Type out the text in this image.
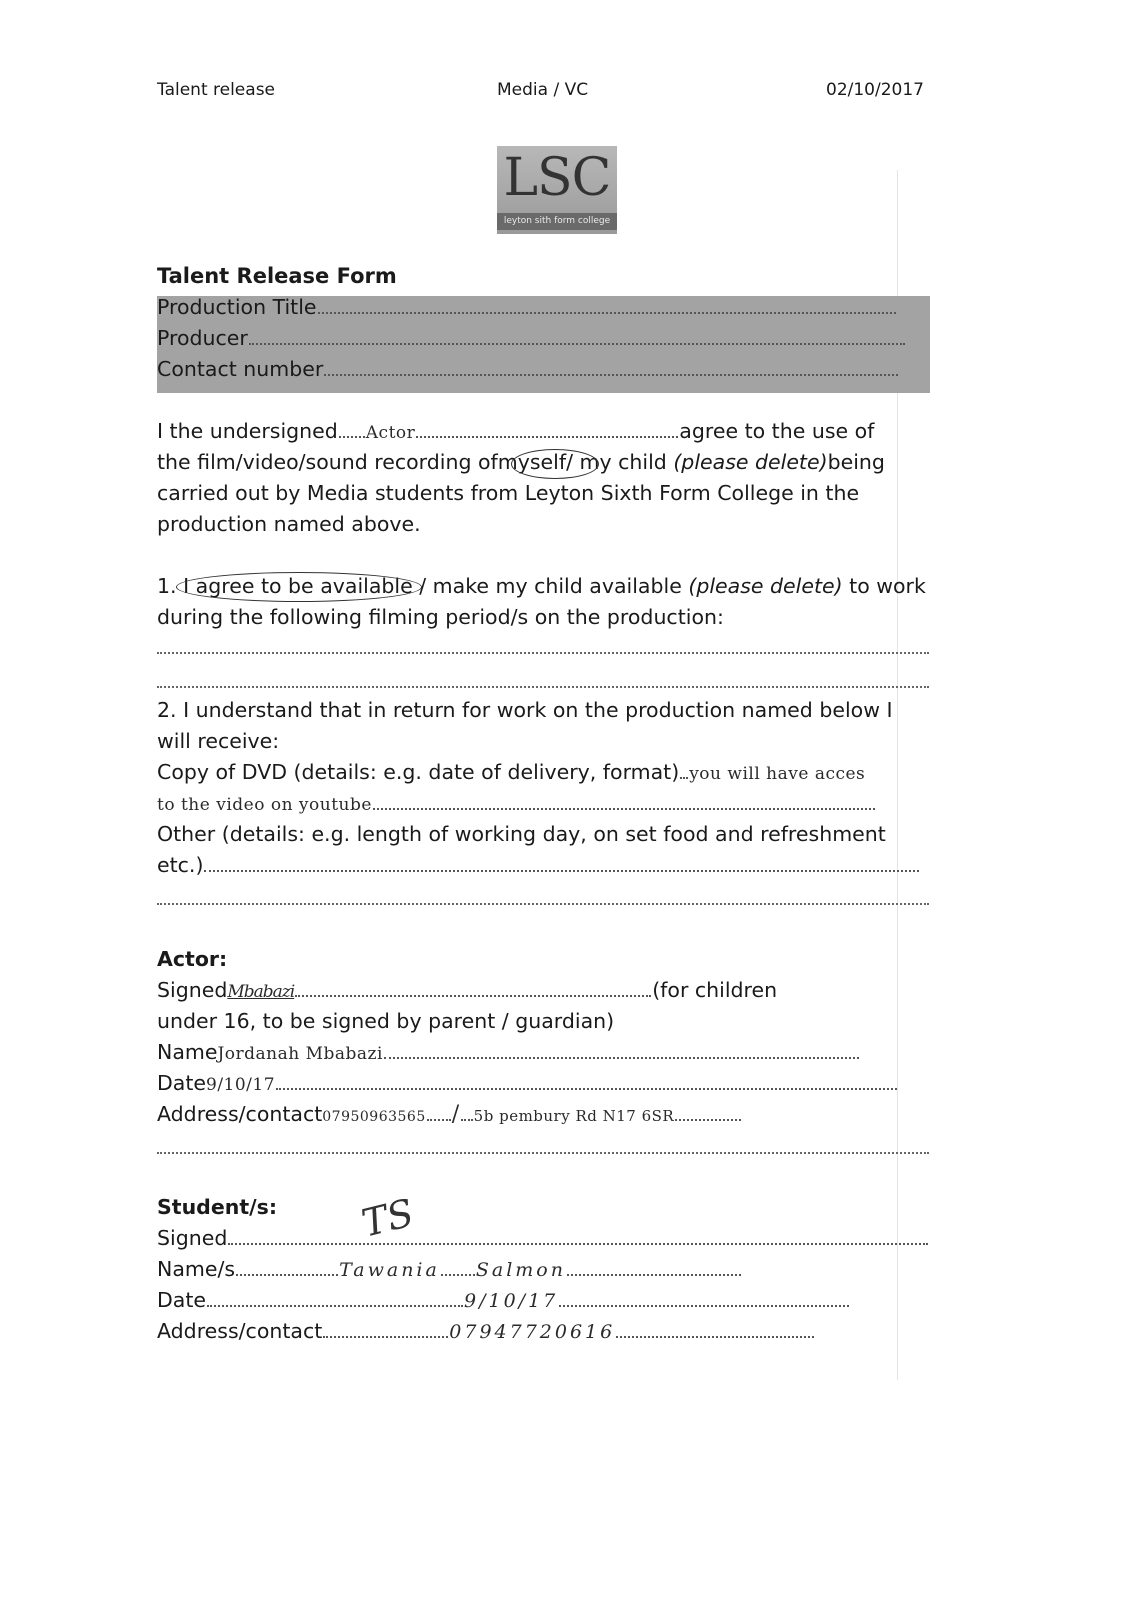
Talent release	Media / VC	02/10/2017
LSC
leyton sith form college
Talent Release Form
Production Title
Producer
Contact number
I the undersigned Actor	agree to the use of
the film/video/sound recording ofmyself/ my child (please delete)being
carried out by Media students from Leyton Sixth Form College in the
production named above.
1. I agree to be available / make my child available (please delete) to work
during the following filming period/s on the production:
2. I understand that in return for work on the production named below I
will receive:
Copy of DVD (details: e.g. date of delivery, format) you will have acces
to the video on youtube
Other (details: e.g. length of working day, on set food and refreshment
etc.)
Actor:
SignedMbabazi	(for children
under 16, to be signed by parent / guardian)
NameJordanah Mbabazi
Date9/10/17
Address/contact07950963565 / 5b pembury Rd N17 6SR
Student/s:
Signed	TS
Name/s	Tawania Salmon
Date	9/10/17
Address/contact	07947720616
